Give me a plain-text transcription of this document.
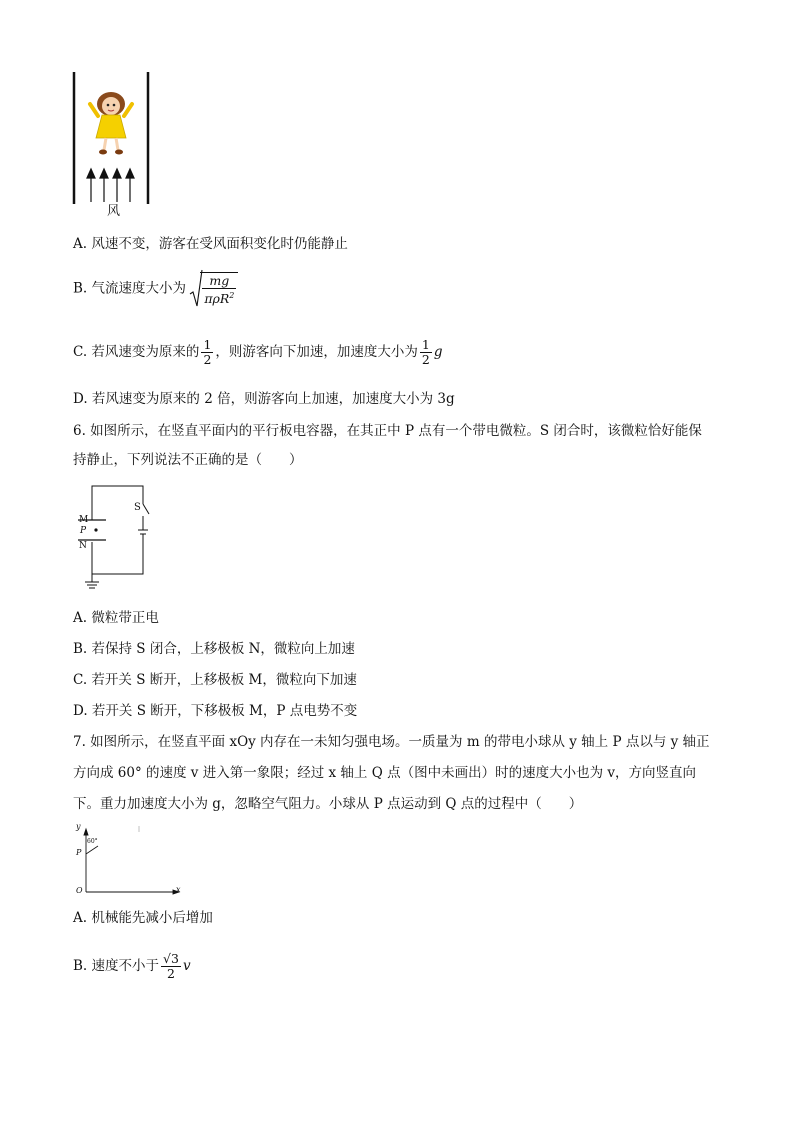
风
A. 风速不变，游客在受风面积变化时仍能静止
B. 气流速度大小为 $\frac{mg}{\pi\rho R^2}$
C. 若风速变为原来的 $\frac{1}{2}$ ，则游客向下加速，加速度大小为 $\frac{1}{2}$ g
D. 若风速变为原来的 2 倍，则游客向上加速，加速度大小为 3g
6. 如图所示，在竖直平面内的平行板电容器，在其正中 P 点有一个带电微粒。S 闭合时，该微粒恰好能保
持静止，下列说法不正确的是（　　）
S
M
P
N
A. 微粒带正电
B. 若保持 S 闭合，上移极板 N，微粒向上加速
C. 若开关 S 断开，上移极板 M，微粒向下加速
D. 若开关 S 断开，下移极板 M，P 点电势不变
7. 如图所示，在竖直平面 xOy 内存在一未知匀强电场。一质量为 m 的带电小球从 y 轴上 P 点以与 y 轴正
方向成 60° 的速度 v 进入第一象限；经过 x 轴上 Q 点（图中未画出）时的速度大小也为 v，方向竖直向
下。重力加速度大小为 g，忽略空气阻力。小球从 P 点运动到 Q 点的过程中（　　）
y
P
60°
O	x
A. 机械能先减小后增加
B. 速度不小于 $\frac{√3}{2}$ v
